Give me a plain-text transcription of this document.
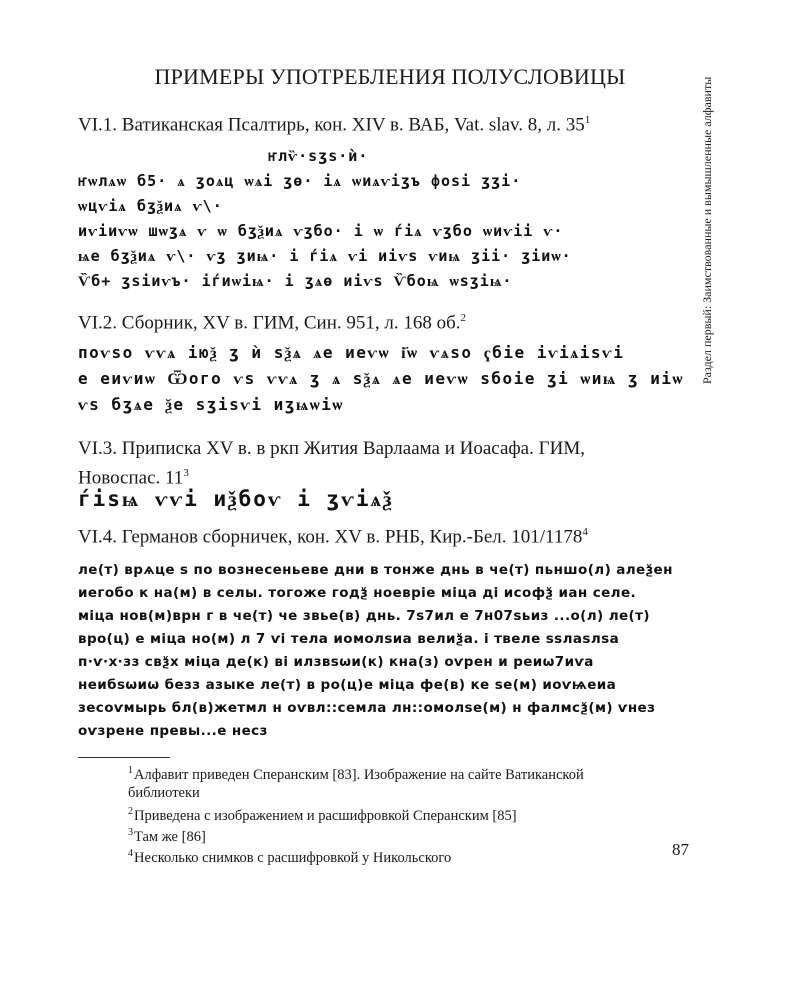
ПРИМЕРЫ УПОТРЕБЛЕНИЯ ПОЛУСЛОВИЦЫ	Раздел первый: Заимствованные и вымышленные алфавиты
VI.1. Ватиканская Псалтирь, кон. XIV в. ВАБ, Vat. slav. 8, л. $35^1$
ҥлѷ·ѕӡѕ·ѝ·
ҥѡлѧѡ б5· ѧ ӡоѧц ѡѧі ӡө· іѧ ѡиѧѵіӡъ фоѕі ӡӡі·
ѡцѵіѧ бӡѯиѧ ѵ\·
иѵіиѵѡ шѡӡѧ ѵ ѡ бӡѯиѧ ѵӡбо· і ѡ ѓіѧ ѵӡбо ѡиѵіі ѵ·
ѩе бӡѯиѧ ѵ\· ѵӡ ӡиѩ· і ѓіѧ ѵі иіѵѕ ѵиѩ ӡіі· ӡіиѡ·
Ѷб+ ӡѕіиѵъ· іѓиѡіѩ· і ӡѧѳ иіѵѕ Ѷбоѩ ѡѕӡіѩ·
VI.2. Сборник, XV в. ГИМ, Син. 951, л. 168 об.$^2$
поѵѕо ѵѵѧ іюѯ ӡ ѝ ѕѯѧ ѧе иеѵѡ і҃ѡ ѵѧѕо ҁбіе іѵіѧіѕѵі
е еиѵиѡ Ѿого ѵѕ ѵѵѧ ӡ ѧ ѕѯѧ ѧе иеѵѡ ѕбоіе ӡі ѡиѩ ӡ иіѡ
ѵѕ бӡѧе ѯе ѕӡіѕѵі иӡѩѡіѡ
VI.3. Приписка XV в. в ркп Жития Варлаама и Иоасафа. ГИМ, Новоспас. $11^3$
ѓіѕѩ ѵѵі иѯбоѵ і ӡѵіѧѯ
VI.4. Германов сборничек, кон. XV в. РНБ, Кир.-Бел. 101/1178$^4$
ле(т) врѧце ѕ по вознесеньеве дни в тонже днь в че(т) пьншо(л) алеѯен
иегобо к на(м) в селы. тогоже годѯ ноевріе міца ді исофѯ иан селе.
міца нов(м)врн г в че(т) че звье(в) днь. 7ѕ7ил е 7н07ѕьиз ...о(л) ле(т)
вро(ц) е міца но(м) л 7 ѵі тела иомолѕиа велиѯа. і твеле ѕѕлаѕлѕа
п·ѵ·х·зз свѯх міца де(к) ві илзвѕѡи(к) кна(з) оѵрен и реиѡ7иѵа
неибѕѡиѡ безз азыке ле(т) в ро(ц)е міца фе(в) ке ѕе(м) иоѵѩеиа
зесоѵмырь бл(в)жетмл н оѵвл::семла лн::омолѕе(м) н фалмсѯ(м) ѵнез
оѵзрене превы...е несз
$^1$Алфавит приведен Сперанским [83]. Изображение на сайте Ватиканской библиотеки
$^2$Приведена с изображением и расшифровкой Сперанским [85]
$^3$Там же [86]
$^4$Несколько снимков с расшифровкой у Никольского	87
